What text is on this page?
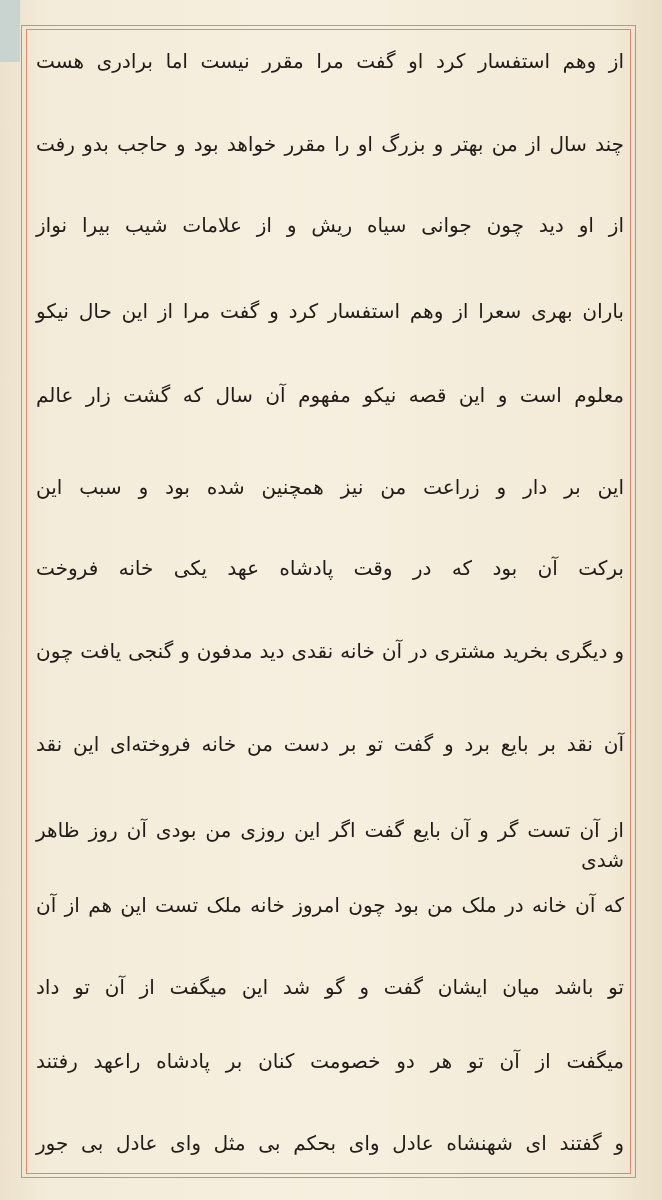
از وهم استفسار کرد او گفت مرا مقرر نیست اما برادری هست
چند سال از من بهتر و بزرگ او را مقرر خواهد بود و حاجب بدو رفت
از او دید چون جوانی سیاه ریش و از علامات شیب بیرا نواز
باران بهری سعرا از وهم استفسار کرد و گفت مرا از این حال نیکو
معلوم است و این قصه نیکو مفهوم آن سال که گشت زار عالم
این بر دار و زراعت من نیز همچنین شده بود و سبب این
برکت آن بود که در وقت پادشاه عهد یکی خانه فروخت
و دیگری بخرید مشتری در آن خانه نقدی دید مدفون و گنجی یافت چون
آن نقد بر بایع برد و گفت تو بر دست من خانه فروخته‌ای این نقد
از آن تست گر و آن بایع گفت اگر این روزی من بودی آن روز ظاهر شدی
که آن خانه در ملک من بود چون امروز خانه ملک تست این هم از آن
تو باشد میان ایشان گفت و گو شد این میگفت از آن تو داد
میگفت از آن تو هر دو خصومت کنان بر پادشاه راعهد رفتند
و گفتند ای شهنشاه عادل وای بحکم بی مثل وای عادل بی جور
